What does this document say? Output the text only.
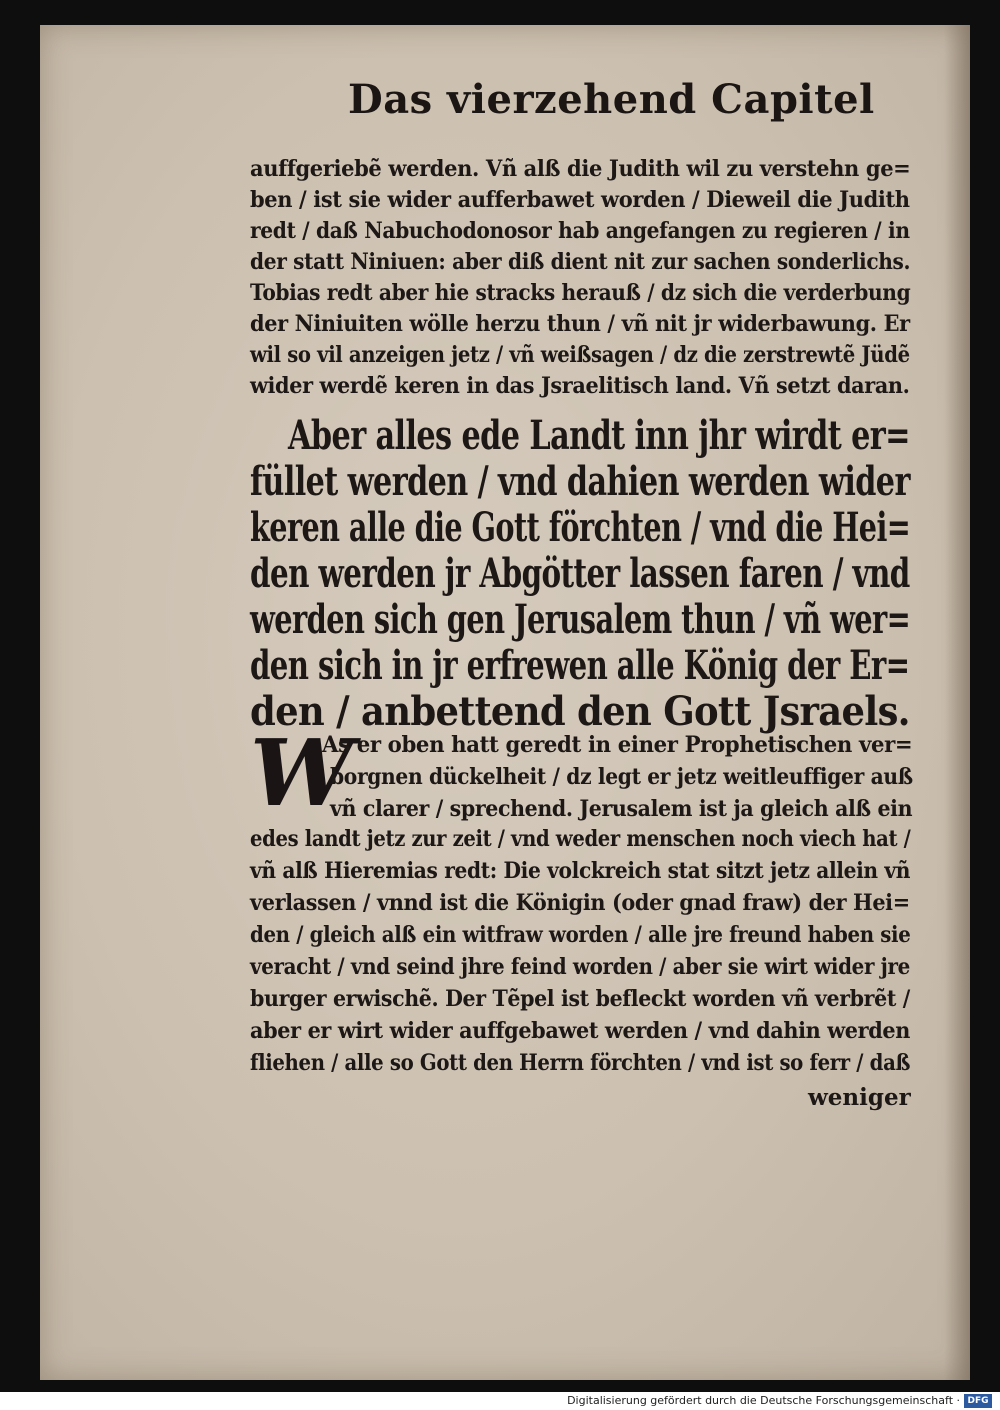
Das vierzehend Capitel
auffgeriebẽ werden. Vñ alß die Judith wil zu verstehn ge=
ben / ist sie wider aufferbawet worden / Dieweil die Judith
redt / daß Nabuchodonosor hab angefangen zu regieren / in
der statt Niniuen: aber diß dient nit zur sachen sonderlichs.
Tobias redt aber hie stracks herauß / dz sich die verderbung
der Niniuiten wölle herzu thun / vñ nit jr widerbawung. Er
wil so vil anzeigen jetz / vñ weißsagen / dz die zerstrewtẽ Jüdẽ
wider werdẽ keren in das Jsraelitisch land. Vñ setzt daran.
Aber alles ede Landt inn jhr wirdt er=
füllet werden / vnd dahien werden wider
keren alle die Gott förchten / vnd die Hei=
den werden jr Abgötter lassen faren / vnd
werden sich gen Jerusalem thun / vñ wer=
den sich in jr erfrewen alle König der Er=
den / anbettend den Gott Jsraels.
W
As er oben hatt geredt in einer Prophetischen ver=
borgnen dückelheit / dz legt er jetz weitleuffiger auß
vñ clarer / sprechend. Jerusalem ist ja gleich alß ein
edes landt jetz zur zeit / vnd weder menschen noch viech hat /
vñ alß Hieremias redt: Die volckreich stat sitzt jetz allein vñ
verlassen / vnnd ist die Königin (oder gnad fraw) der Hei=
den / gleich alß ein witfraw worden / alle jre freund haben sie
veracht / vnd seind jhre feind worden / aber sie wirt wider jre
burger erwischẽ. Der Tẽpel ist befleckt worden vñ verbrẽt /
aber er wirt wider auffgebawet werden / vnd dahin werden
fliehen / alle so Gott den Herrn förchten / vnd ist so ferr / daß
weniger
Digitalisierung gefördert durch die Deutsche Forschungsgemeinschaft · DFG
